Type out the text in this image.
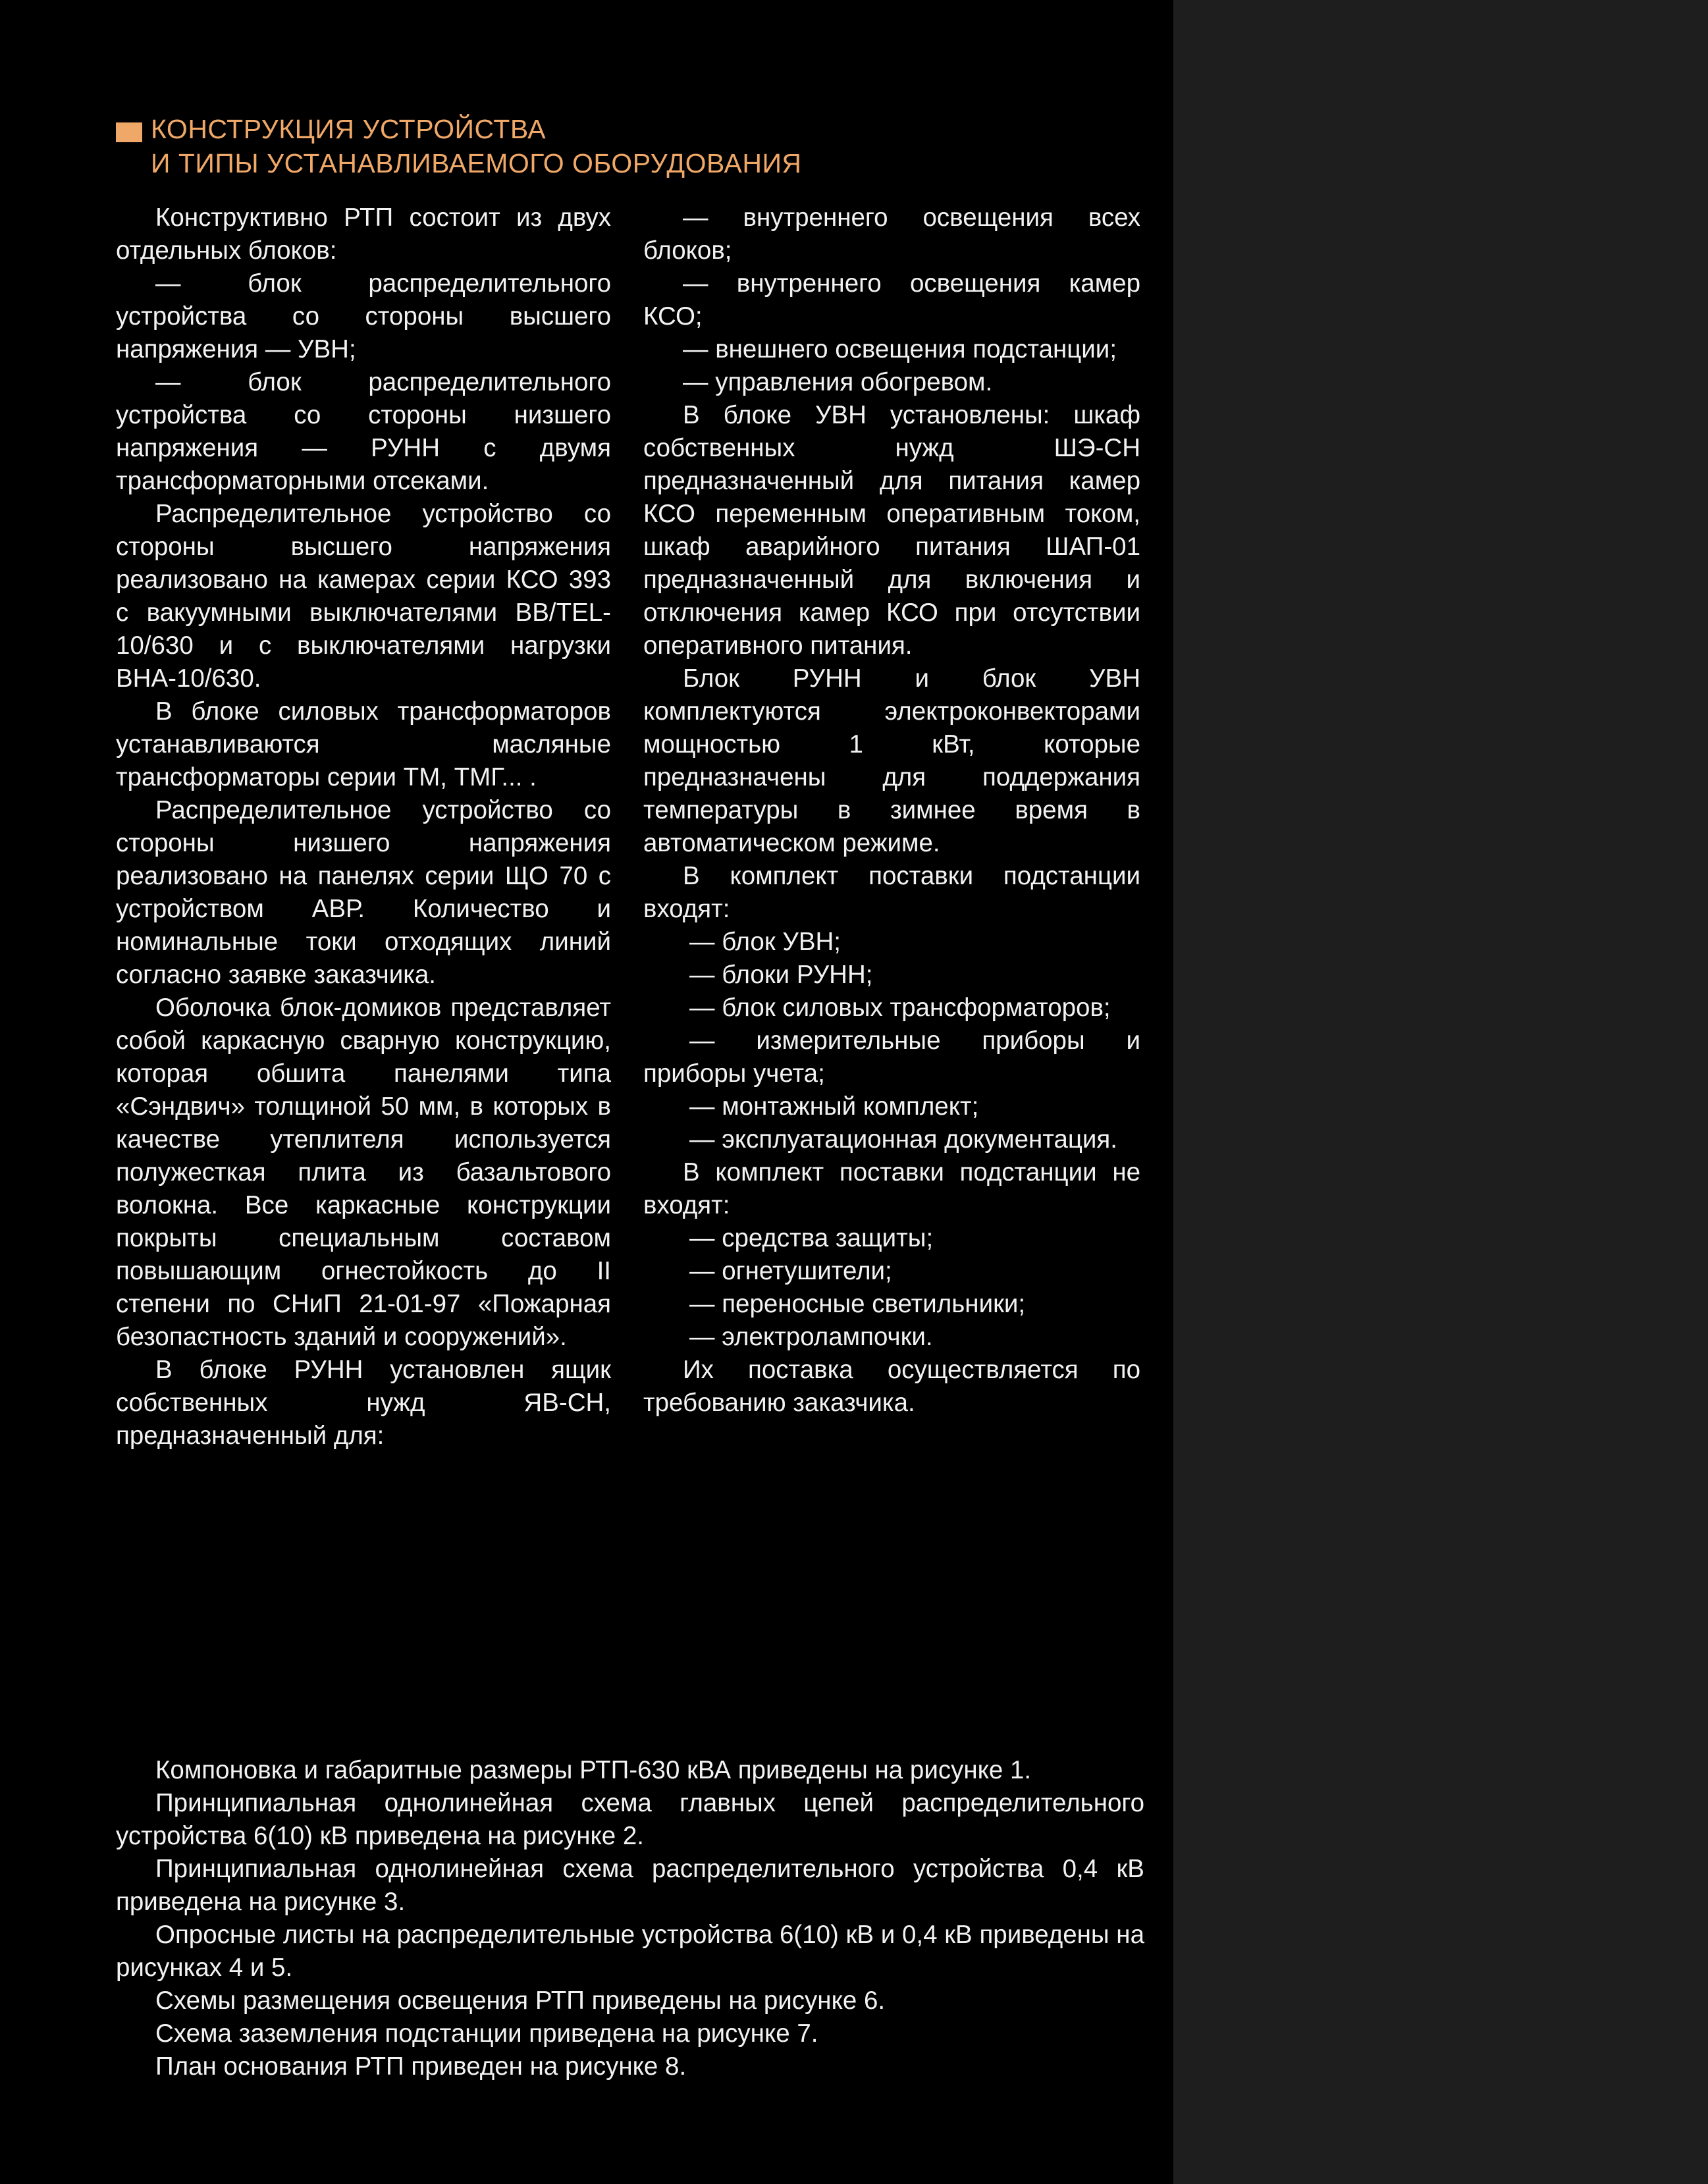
КОНСТРУКЦИЯ УСТРОЙСТВА
И ТИПЫ УСТАНАВЛИВАЕМОГО ОБОРУДОВАНИЯ

Конструктивно РТП состоит из двух отдельных блоков:

— блок распределительного устройства со стороны высшего напряжения — УВН;

— блок распределительного устройства со стороны низшего напряжения — РУНН с двумя трансформаторными отсеками.

Распределительное устройство со стороны высшего напряжения реализовано на камерах серии КСО 393 с вакуумными выключателями BB/TEL-10/630 и с выключателями нагрузки ВНА-10/630.

В блоке силовых трансформаторов устанавливаются масляные трансформаторы серии ТМ, ТМГ... .

Распределительное устройство со стороны низшего напряжения реализовано на панелях серии ЩО 70 с устройством АВР. Количество и номинальные токи отходящих линий согласно заявке заказчика.

Оболочка блок-домиков представляет собой каркасную сварную конструкцию, которая обшита панелями типа «Сэндвич» толщиной 50 мм, в которых в качестве утеплителя используется полужесткая плита из базальтового волокна. Все каркасные конструкции покрыты специальным составом повышающим огнестойкость до II степени по СНиП 21-01-97 «Пожарная безопастность зданий и сооружений».

В блоке РУНН установлен ящик собственных нужд ЯВ-СН, предназначенный для:

— внутреннего освещения всех блоков;

— внутреннего освещения камер КСО;

— внешнего освещения подстанции;

— управления обогревом.

В блоке УВН установлены: шкаф собственных нужд ШЭ-СН предназначенный для питания камер КСО переменным оперативным током, шкаф аварийного питания ШАП-01 предназначенный для включения и отключения камер КСО при отсутствии оперативного питания.

Блок РУНН и блок УВН комплектуются электроконвекторами мощностью 1 кВт, которые предназначены для поддержания температуры в зимнее время в автоматическом режиме.

В комплект поставки подстанции входят:

— блок УВН;

— блоки РУНН;

— блок силовых трансформаторов;

— измерительные приборы и приборы учета;

— монтажный комплект;

— эксплуатационная документация.

В комплект поставки подстанции не входят:

— средства защиты;

— огнетушители;

— переносные светильники;

— электролампочки.

Их поставка осуществляется по требованию заказчика.

Компоновка и габаритные размеры РТП-630 кВА приведены на рисунке 1.

Принципиальная однолинейная схема главных цепей распределительного устройства 6(10) кВ приведена на рисунке 2.

Принципиальная однолинейная схема распределительного устройства 0,4 кВ приведена на рисунке 3.

Опросные листы на распределительные устройства 6(10) кВ и 0,4 кВ приведены на рисунках 4 и 5.

Схемы размещения освещения РТП приведены на рисунке 6.

Схема заземления подстанции приведена на рисунке 7.

План основания РТП приведен на рисунке 8.
